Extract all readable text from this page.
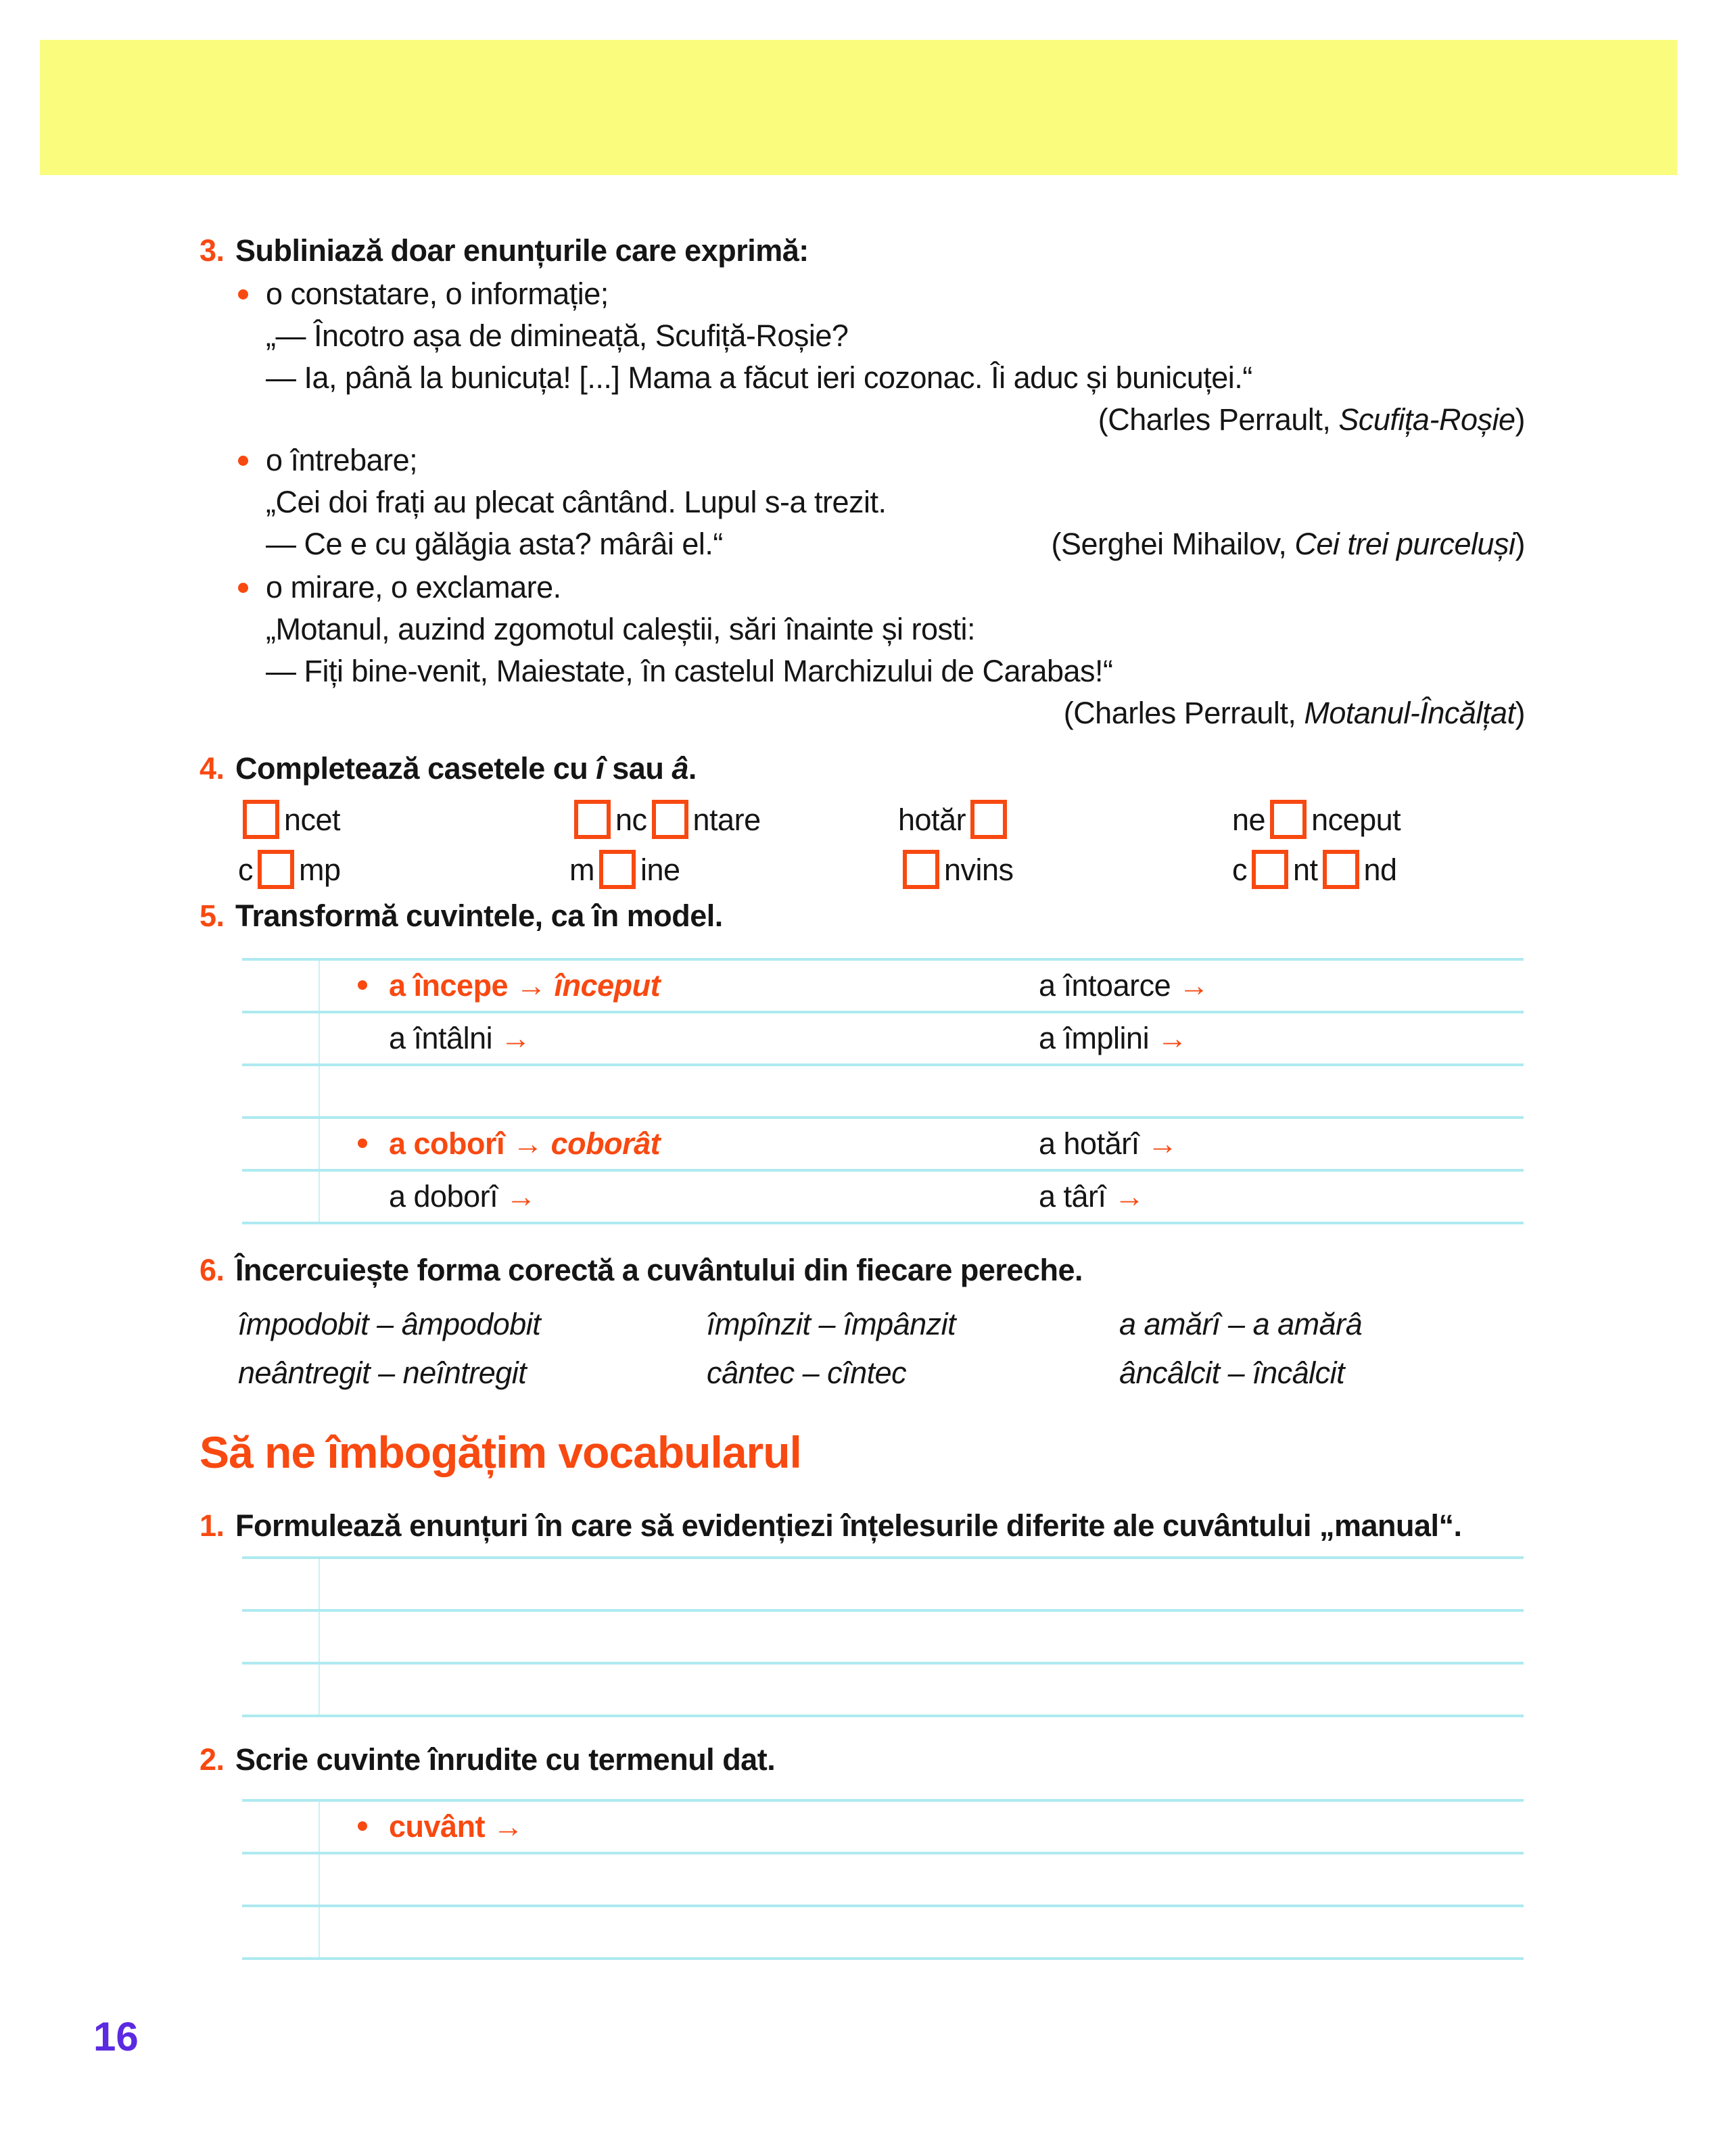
3. Subliniază doar enunțurile care exprimă:
o constatare, o informație;
„— Încotro așa de dimineață, Scufiță-Roșie?
— Ia, până la bunicuța! [...] Mama a făcut ieri cozonac. Îi aduc și bunicuței.“
(Charles Perrault, Scufița-Roșie)
o întrebare;
„Cei doi frați au plecat cântând. Lupul s-a trezit.
— Ce e cu gălăgia asta? mârâi el.“	(Serghei Mihailov, Cei trei purceluși)
o mirare, o exclamare.
„Motanul, auzind zgomotul caleștii, sări înainte și rosti:
— Fiți bine-venit, Maiestate, în castelul Marchizului de Carabas!“
(Charles Perrault, Motanul-Încălțat)
4. Completează casetele cu î sau â.
ncet	nc ntare	hotăr	ne nceput
c mp	m ine	nvins	c nt nd
5. Transformă cuvintele, ca în model.
a începe → început	a întoarce →
a întâlni →	a împlini →
a coborî → coborât	a hotărî →
a doborî →	a târî →
6. Încercuiește forma corectă a cuvântului din fiecare pereche.
împodobit – âmpodobit	împînzit – împânzit	a amărî – a amărâ
neântregit – neîntregit	cântec – cîntec	âncâlcit – încâlcit
Să ne îmbogățim vocabularul
1. Formulează enunțuri în care să evidențiezi înțelesurile diferite ale cuvântului „manual“.
2. Scrie cuvinte înrudite cu termenul dat.
cuvânt →
16
